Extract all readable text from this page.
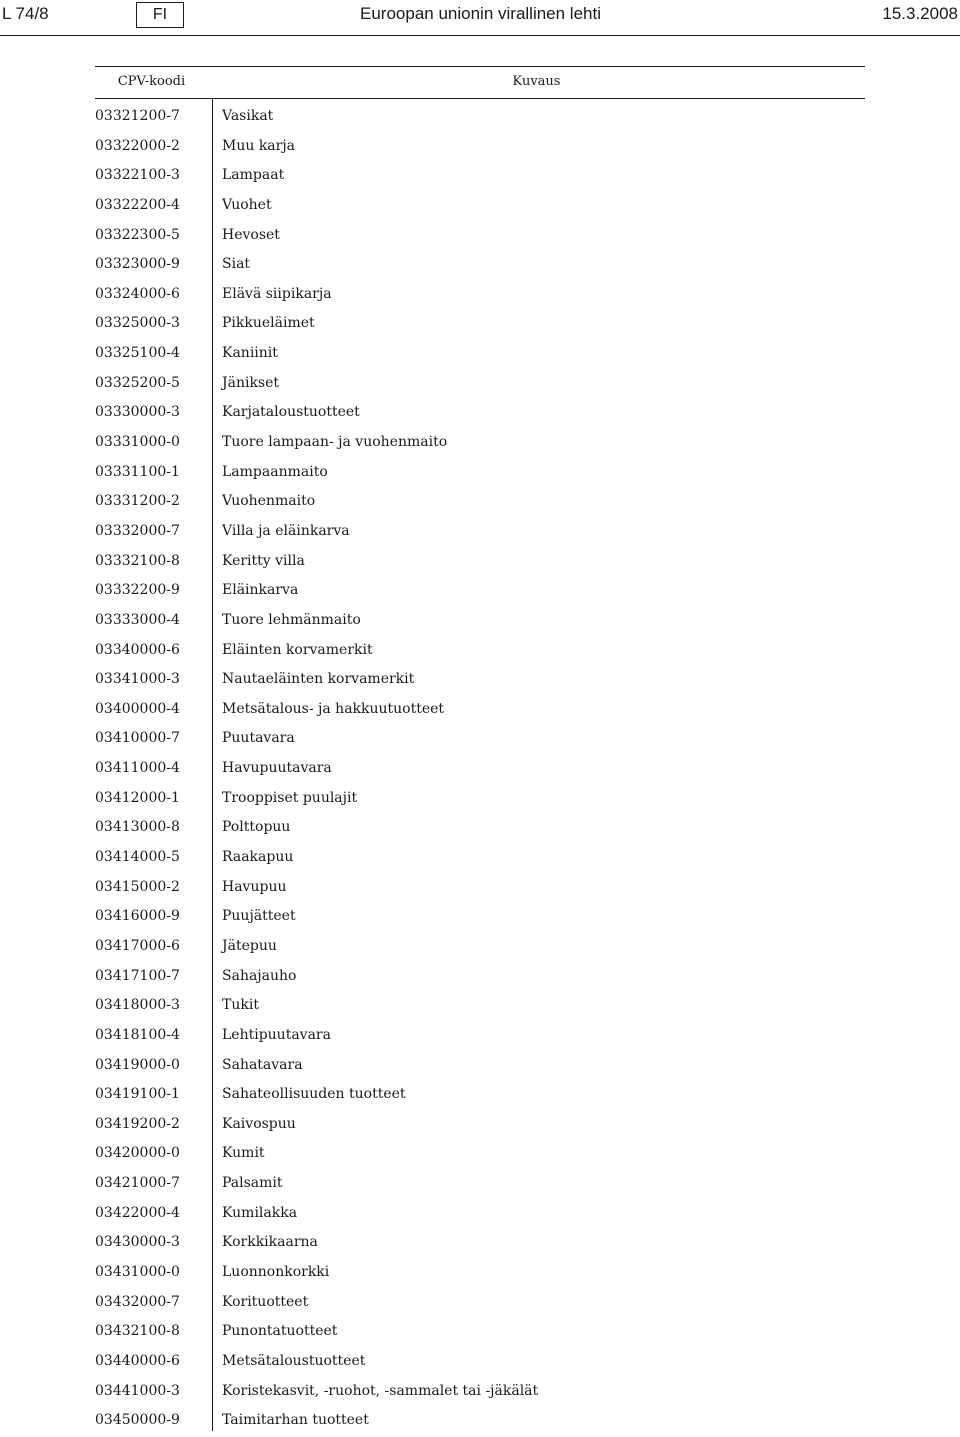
L 74/8	FI	Euroopan unionin virallinen lehti	15.3.2008
CPV-koodi	Kuvaus
03321200-7	Vasikat
03322000-2	Muu karja
03322100-3	Lampaat
03322200-4	Vuohet
03322300-5	Hevoset
03323000-9	Siat
03324000-6	Elävä siipikarja
03325000-3	Pikkueläimet
03325100-4	Kaniinit
03325200-5	Jänikset
03330000-3	Karjataloustuotteet
03331000-0	Tuore lampaan- ja vuohenmaito
03331100-1	Lampaanmaito
03331200-2	Vuohenmaito
03332000-7	Villa ja eläinkarva
03332100-8	Keritty villa
03332200-9	Eläinkarva
03333000-4	Tuore lehmänmaito
03340000-6	Eläinten korvamerkit
03341000-3	Nautaeläinten korvamerkit
03400000-4	Metsätalous- ja hakkuutuotteet
03410000-7	Puutavara
03411000-4	Havupuutavara
03412000-1	Trooppiset puulajit
03413000-8	Polttopuu
03414000-5	Raakapuu
03415000-2	Havupuu
03416000-9	Puujätteet
03417000-6	Jätepuu
03417100-7	Sahajauho
03418000-3	Tukit
03418100-4	Lehtipuutavara
03419000-0	Sahatavara
03419100-1	Sahateollisuuden tuotteet
03419200-2	Kaivospuu
03420000-0	Kumit
03421000-7	Palsamit
03422000-4	Kumilakka
03430000-3	Korkkikaarna
03431000-0	Luonnonkorkki
03432000-7	Korituotteet
03432100-8	Punontatuotteet
03440000-6	Metsätaloustuotteet
03441000-3	Koristekasvit, -ruohot, -sammalet tai -jäkälät
03450000-9	Taimitarhan tuotteet
